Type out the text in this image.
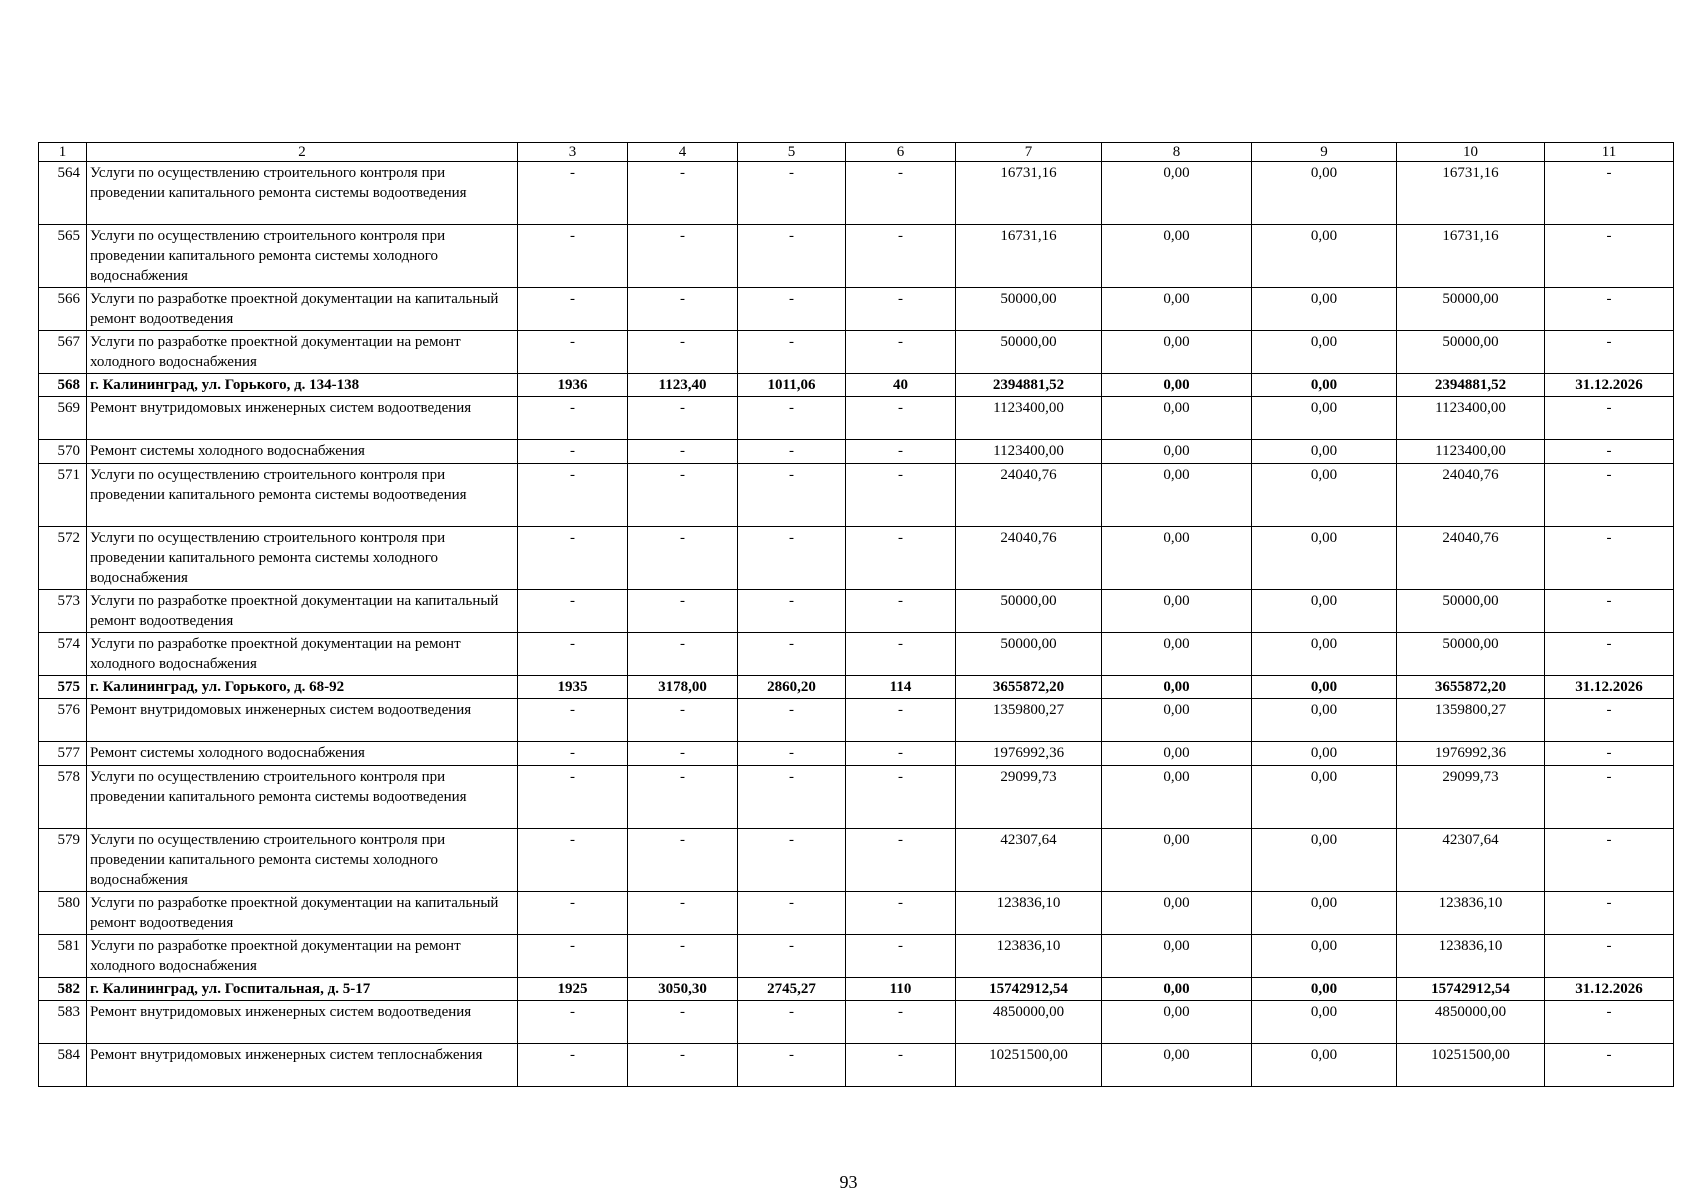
1	2	3	4	5	6	7	8	9	10	11
564	Услуги по осуществлению строительного контроля при проведении капитального ремонта системы водоотведения	-	-	-	-	16731,16	0,00	0,00	16731,16	-
565	Услуги по осуществлению строительного контроля при проведении капитального ремонта системы холодного водоснабжения	-	-	-	-	16731,16	0,00	0,00	16731,16	-
566	Услуги по разработке проектной документации на капитальный ремонт водоотведения	-	-	-	-	50000,00	0,00	0,00	50000,00	-
567	Услуги по разработке проектной документации на ремонт холодного водоснабжения	-	-	-	-	50000,00	0,00	0,00	50000,00	-
568	г. Калининград, ул. Горького, д. 134-138	1936	1123,40	1011,06	40	2394881,52	0,00	0,00	2394881,52	31.12.2026
569	Ремонт внутридомовых инженерных систем водоотведения	-	-	-	-	1123400,00	0,00	0,00	1123400,00	-
570	Ремонт системы холодного водоснабжения	-	-	-	-	1123400,00	0,00	0,00	1123400,00	-
571	Услуги по осуществлению строительного контроля при проведении капитального ремонта системы водоотведения	-	-	-	-	24040,76	0,00	0,00	24040,76	-
572	Услуги по осуществлению строительного контроля при проведении капитального ремонта системы холодного водоснабжения	-	-	-	-	24040,76	0,00	0,00	24040,76	-
573	Услуги по разработке проектной документации на капитальный ремонт водоотведения	-	-	-	-	50000,00	0,00	0,00	50000,00	-
574	Услуги по разработке проектной документации на ремонт холодного водоснабжения	-	-	-	-	50000,00	0,00	0,00	50000,00	-
575	г. Калининград, ул. Горького, д. 68-92	1935	3178,00	2860,20	114	3655872,20	0,00	0,00	3655872,20	31.12.2026
576	Ремонт внутридомовых инженерных систем водоотведения	-	-	-	-	1359800,27	0,00	0,00	1359800,27	-
577	Ремонт системы холодного водоснабжения	-	-	-	-	1976992,36	0,00	0,00	1976992,36	-
578	Услуги по осуществлению строительного контроля при проведении капитального ремонта системы водоотведения	-	-	-	-	29099,73	0,00	0,00	29099,73	-
579	Услуги по осуществлению строительного контроля при проведении капитального ремонта системы холодного водоснабжения	-	-	-	-	42307,64	0,00	0,00	42307,64	-
580	Услуги по разработке проектной документации на капитальный ремонт водоотведения	-	-	-	-	123836,10	0,00	0,00	123836,10	-
581	Услуги по разработке проектной документации на ремонт холодного водоснабжения	-	-	-	-	123836,10	0,00	0,00	123836,10	-
582	г. Калининград, ул. Госпитальная, д. 5-17	1925	3050,30	2745,27	110	15742912,54	0,00	0,00	15742912,54	31.12.2026
583	Ремонт внутридомовых инженерных систем водоотведения	-	-	-	-	4850000,00	0,00	0,00	4850000,00	-
584	Ремонт внутридомовых инженерных систем теплоснабжения	-	-	-	-	10251500,00	0,00	0,00	10251500,00	-
93
